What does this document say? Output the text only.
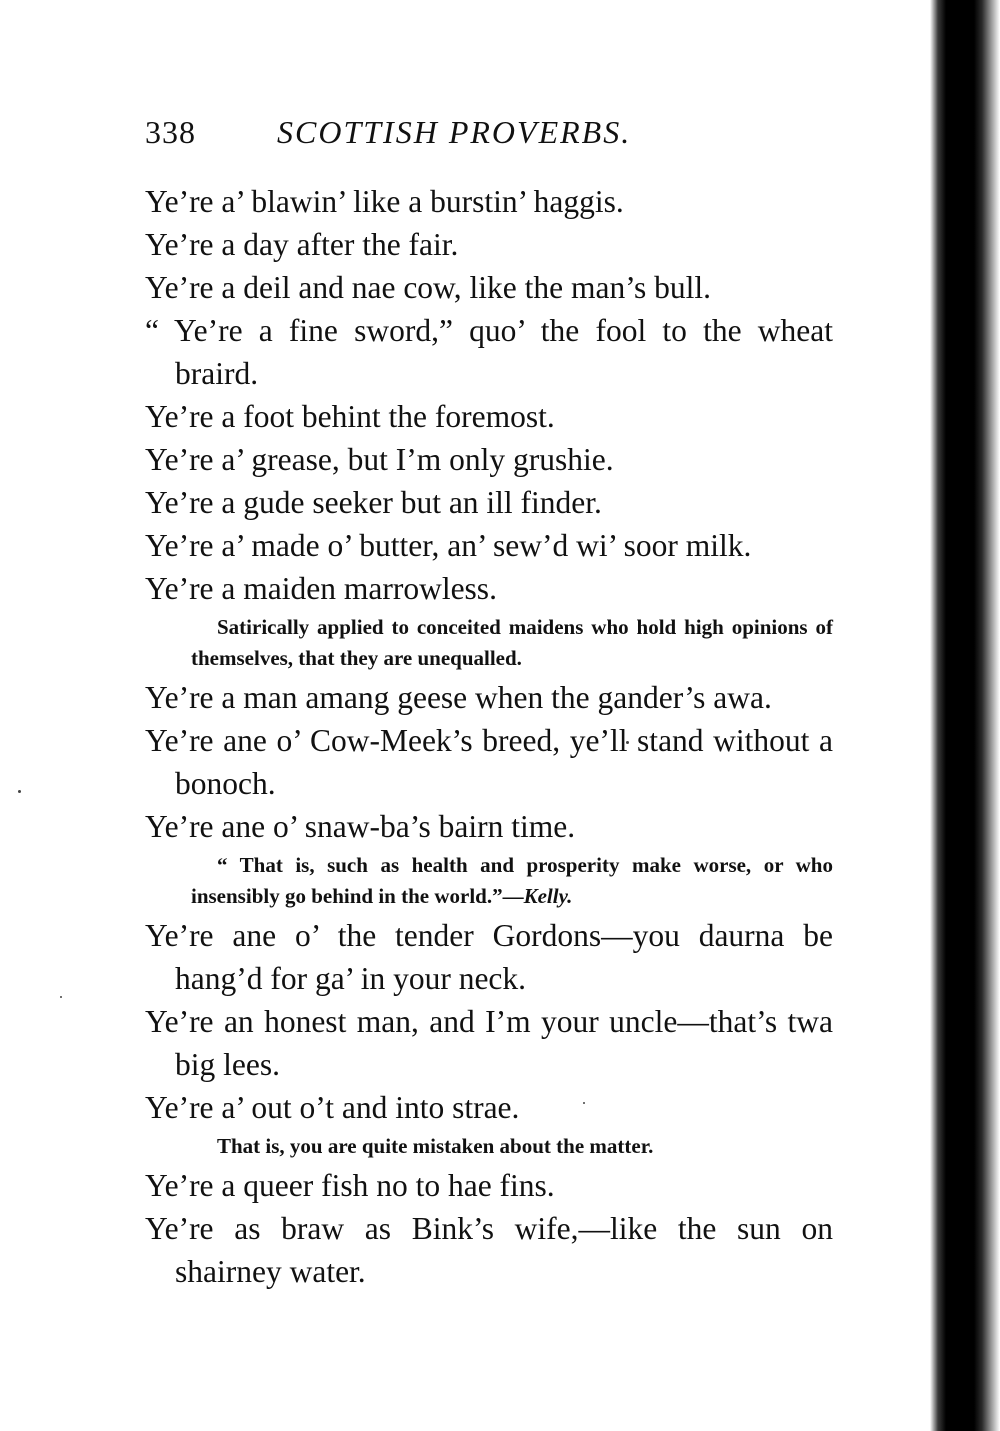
338	SCOTTISH PROVERBS.

Ye’re a’ blawin’ like a burstin’ haggis.

Ye’re a day after the fair.

Ye’re a deil and nae cow, like the man’s bull.

“ Ye’re a fine sword,” quo’ the fool to the wheat braird.

Ye’re a foot behint the foremost.

Ye’re a’ grease, but I’m only grushie.

Ye’re a gude seeker but an ill finder.

Ye’re a’ made o’ butter, an’ sew’d wi’ soor milk.

Ye’re a maiden marrowless.

Satirically applied to conceited maidens who hold high opinions of themselves, that they are unequalled.

Ye’re a man amang geese when the gander’s awa.

Ye’re ane o’ Cow-Meek’s breed, ye’ll stand without a bonoch.

Ye’re ane o’ snaw-ba’s bairn time.

“ That is, such as health and prosperity make worse, or who insensibly go behind in the world.”—Kelly.

Ye’re ane o’ the tender Gordons—you daurna be hang’d for ga’ in your neck.

Ye’re an honest man, and I’m your uncle—that’s twa big lees.

Ye’re a’ out o’t and into strae.

That is, you are quite mistaken about the matter.

Ye’re a queer fish no to hae fins.

Ye’re as braw as Bink’s wife,—like the sun on shairney water.
